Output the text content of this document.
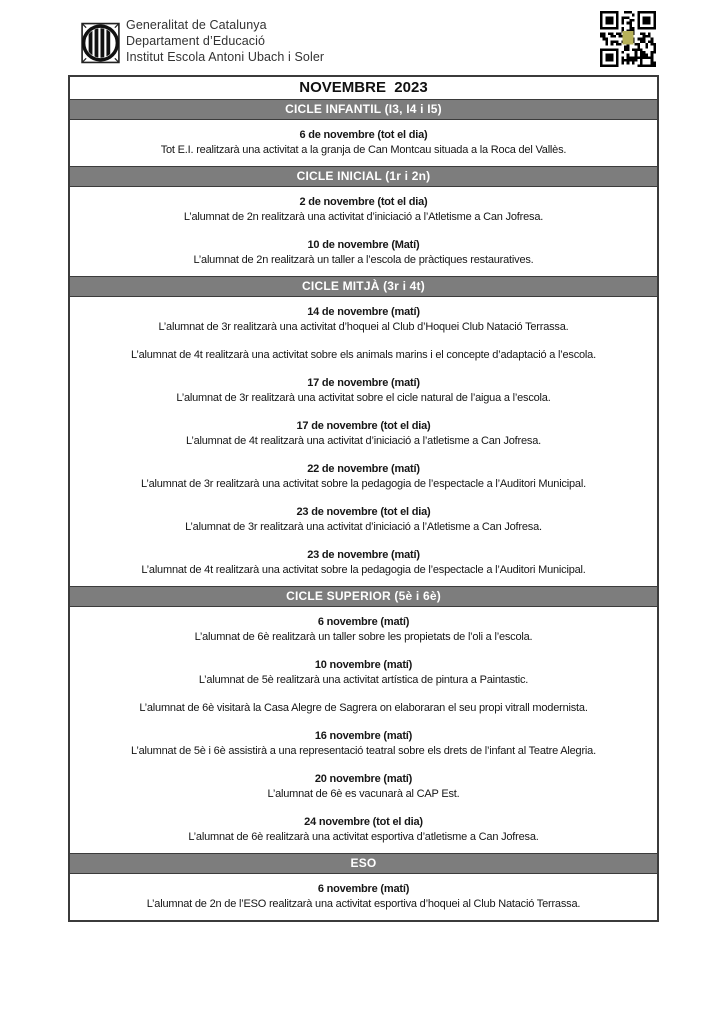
Generalitat de Catalunya
Departament d’Educació
Institut Escola Antoni Ubach i Soler
NOVEMBRE  2023
CICLE INFANTIL (I3, I4 i I5)
6 de novembre (tot el dia)
Tot E.I. realitzarà una activitat a la granja de Can Montcau situada a la Roca del Vallès.
CICLE INICIAL (1r i 2n)
2 de novembre (tot el dia)
L’alumnat de 2n realitzarà una activitat d’iniciació a l’Atletisme a Can Jofresa.
10 de novembre (Matí)
L’alumnat de 2n realitzarà un taller a l’escola de pràctiques restauratives.
CICLE MITJÀ (3r i 4t)
14 de novembre (matí)
L’alumnat de 3r realitzarà una activitat d’hoquei al Club d’Hoquei Club Natació Terrassa.
L’alumnat de 4t realitzarà una activitat sobre els animals marins i el concepte d’adaptació a l’escola.
17 de novembre (matí)
L’alumnat de 3r realitzarà una activitat sobre el cicle natural de l’aigua a l’escola.
17 de novembre (tot el dia)
L’alumnat de 4t realitzarà una activitat d’iniciació a l’atletisme a Can Jofresa.
22 de novembre (matí)
L’alumnat de 3r realitzarà una activitat sobre la pedagogia de l’espectacle a l’Auditori Municipal.
23 de novembre (tot el dia)
L’alumnat de 3r realitzarà una activitat d’iniciació a l’Atletisme a Can Jofresa.
23 de novembre (matí)
L’alumnat de 4t realitzarà una activitat sobre la pedagogia de l’espectacle a l’Auditori Municipal.
CICLE SUPERIOR (5è i 6è)
6 novembre (matí)
L’alumnat de 6è realitzarà un taller sobre les propietats de l’oli a l’escola.
10 novembre (matí)
L’alumnat de 5è realitzarà una activitat artística de pintura a Paintastic.
L’alumnat de 6è visitarà la Casa Alegre de Sagrera on elaboraran el seu propi vitrall modernista.
16 novembre (matí)
L’alumnat de 5è i 6è assistirà a una representació teatral sobre els drets de l’infant al Teatre Alegria.
20 novembre (matí)
L’alumnat de 6è es vacunarà al CAP Est.
24 novembre (tot el dia)
L’alumnat de 6è realitzarà una activitat esportiva d’atletisme a Can Jofresa.
ESO
6 novembre (matí)
L’alumnat de 2n de l’ESO realitzarà una activitat esportiva d’hoquei al Club Natació Terrassa.
